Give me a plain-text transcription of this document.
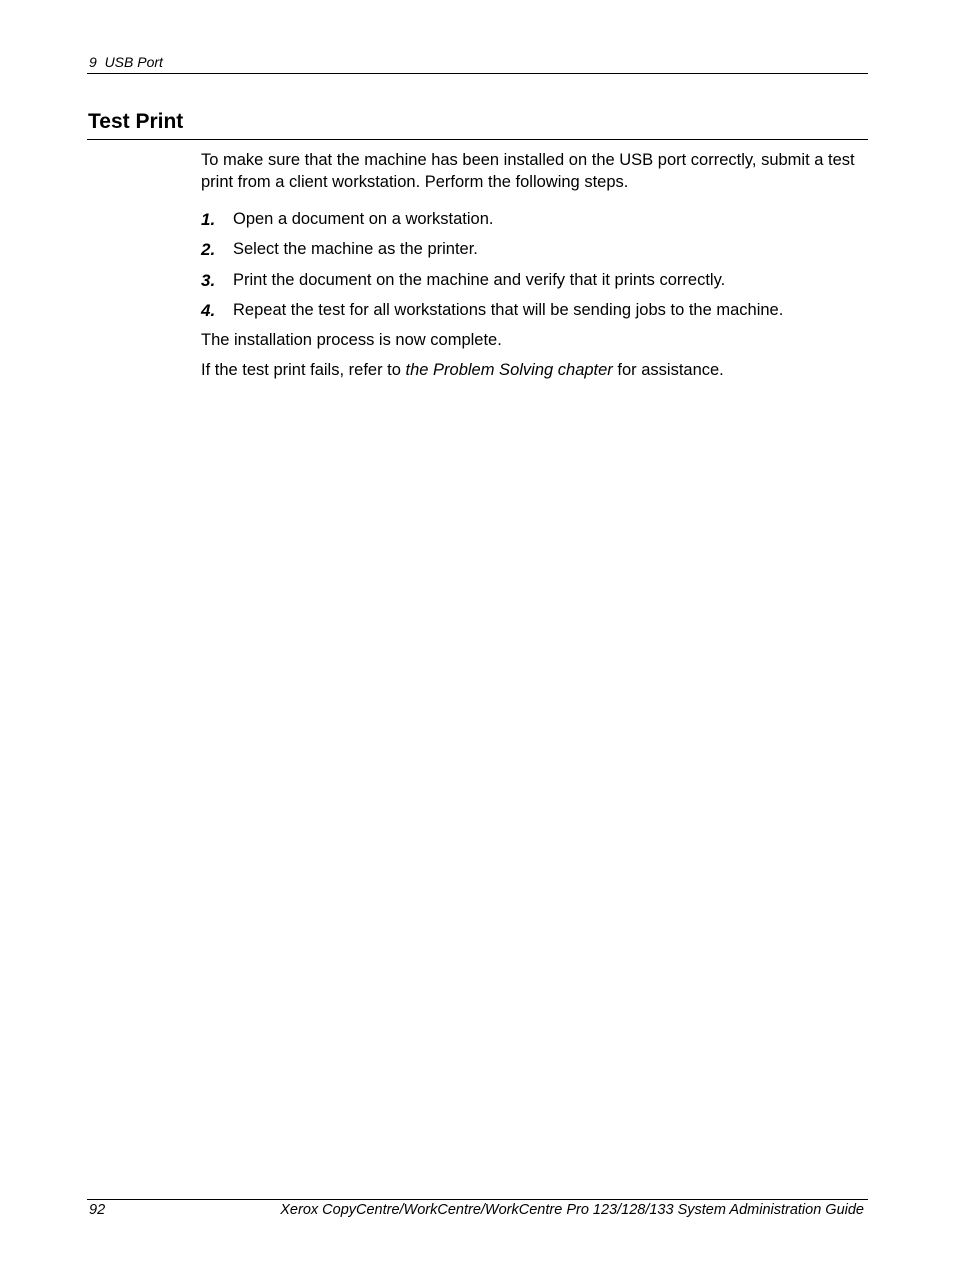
9  USB Port
Test Print

To make sure that the machine has been installed on the USB port correctly, submit a test print from a client workstation. Perform the following steps.

1.	Open a document on a workstation.
2.	Select the machine as the printer.
3.	Print the document on the machine and verify that it prints correctly.
4.	Repeat the test for all workstations that will be sending jobs to the machine.

The installation process is now complete.

If the test print fails, refer to the Problem Solving chapter for assistance.

92	Xerox CopyCentre/WorkCentre/WorkCentre Pro 123/128/133 System Administration Guide
